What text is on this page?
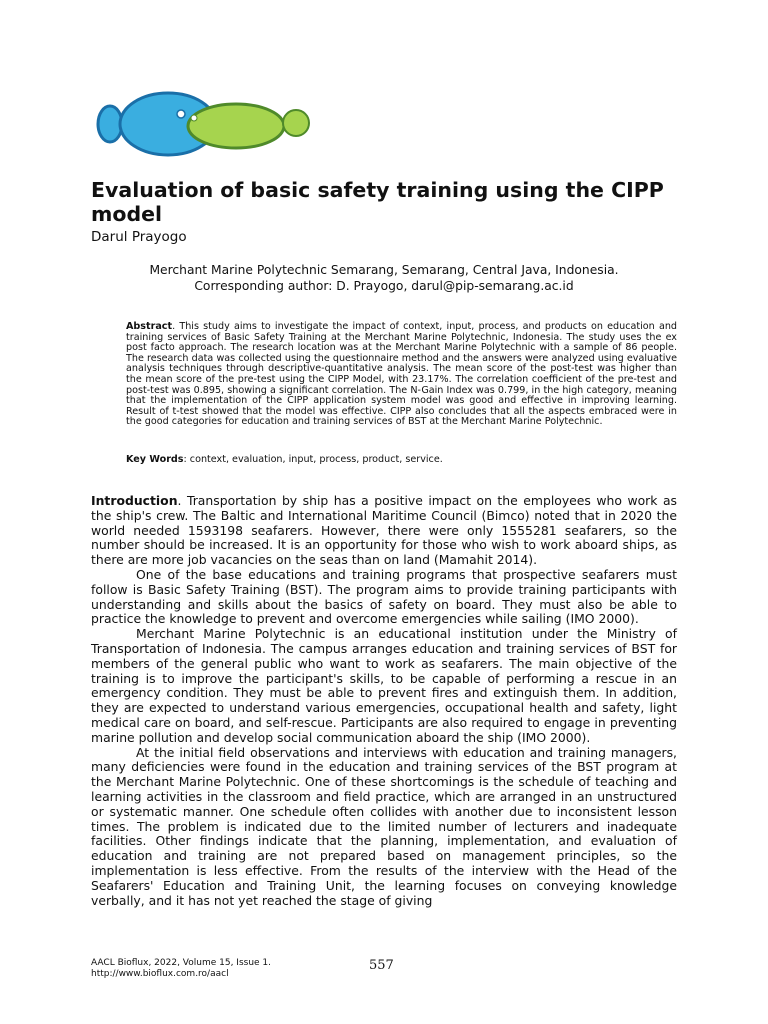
Evaluation of basic safety training using the CIPP model
Darul Prayogo
Merchant Marine Polytechnic Semarang, Semarang, Central Java, Indonesia.
Corresponding author: D. Prayogo, darul@pip-semarang.ac.id

Abstract. This study aims to investigate the impact of context, input, process, and products on education and training services of Basic Safety Training at the Merchant Marine Polytechnic, Indonesia. The study uses the ex post facto approach. The research location was at the Merchant Marine Polytechnic with a sample of 86 people. The research data was collected using the questionnaire method and the answers were analyzed using evaluative analysis techniques through descriptive-quantitative analysis. The mean score of the post-test was higher than the mean score of the pre-test using the CIPP Model, with 23.17%. The correlation coefficient of the pre-test and post-test was 0.895, showing a significant correlation. The N-Gain Index was 0.799, in the high category, meaning that the implementation of the CIPP application system model was good and effective in improving learning. Result of t-test showed that the model was effective. CIPP also concludes that all the aspects embraced were in the good categories for education and training services of BST at the Merchant Marine Polytechnic.

Key Words: context, evaluation, input, process, product, service.

Introduction. Transportation by ship has a positive impact on the employees who work as the ship's crew. The Baltic and International Maritime Council (Bimco) noted that in 2020 the world needed 1593198 seafarers. However, there were only 1555281 seafarers, so the number should be increased. It is an opportunity for those who wish to work aboard ships, as there are more job vacancies on the seas than on land (Mamahit 2014).

One of the base educations and training programs that prospective seafarers must follow is Basic Safety Training (BST). The program aims to provide training participants with understanding and skills about the basics of safety on board. They must also be able to practice the knowledge to prevent and overcome emergencies while sailing (IMO 2000).

Merchant Marine Polytechnic is an educational institution under the Ministry of Transportation of Indonesia. The campus arranges education and training services of BST for members of the general public who want to work as seafarers. The main objective of the training is to improve the participant's skills, to be capable of performing a rescue in an emergency condition. They must be able to prevent fires and extinguish them. In addition, they are expected to understand various emergencies, occupational health and safety, light medical care on board, and self-rescue. Participants are also required to engage in preventing marine pollution and develop social communication aboard the ship (IMO 2000).

At the initial field observations and interviews with education and training managers, many deficiencies were found in the education and training services of the BST program at the Merchant Marine Polytechnic. One of these shortcomings is the schedule of teaching and learning activities in the classroom and field practice, which are arranged in an unstructured or systematic manner. One schedule often collides with another due to inconsistent lesson times. The problem is indicated due to the limited number of lecturers and inadequate facilities. Other findings indicate that the planning, implementation, and evaluation of education and training are not prepared based on management principles, so the implementation is less effective. From the results of the interview with the Head of the Seafarers' Education and Training Unit, the learning focuses on conveying knowledge verbally, and it has not yet reached the stage of giving

AACL Bioflux, 2022, Volume 15, Issue 1.
http://www.bioflux.com.ro/aacl
557
